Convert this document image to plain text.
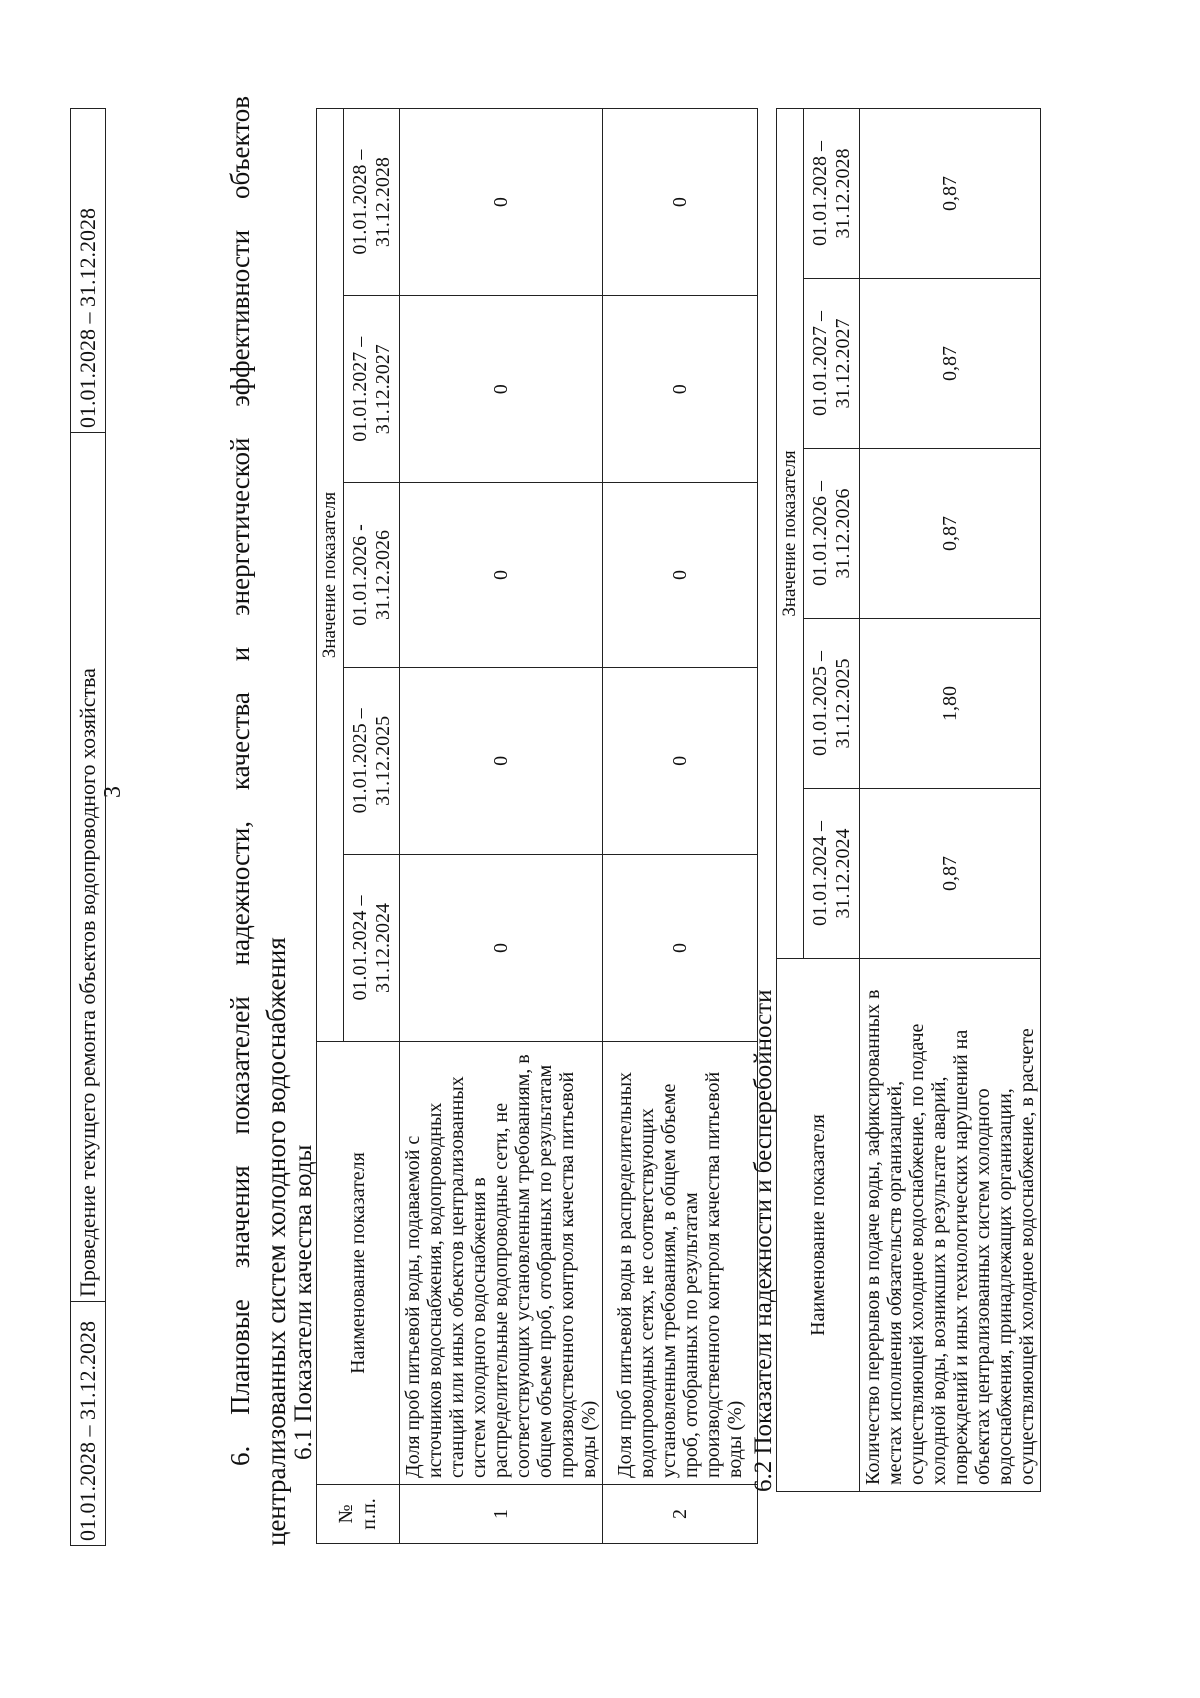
3
01.01.2028 – 31.12.2028	Проведение текущего ремонта объектов водопроводного хозяйства	01.01.2028 – 31.12.2028	6. Плановые значения показателей надежности, качества и энергетической эффективности объектов централизованных систем холодного водоснабжения 6.1 Показатели качества воды
№ п.п.	Наименование показателя	Значение показателя				
		01.01.2024 – 31.12.2024	01.01.2025 – 31.12.2025	01.01.2026 - 31.12.2026	01.01.2027 – 31.12.2027	01.01.2028 – 31.12.2028
1	Доля проб питьевой воды, подаваемой с источников водоснабжения, водопроводных станций или иных объектов централизованных систем холодного водоснабжения в распределительные водопроводные сети, не соответствующих установленным требованиям, в общем объеме проб, отобранных по результатам производственного контроля качества питьевой воды (%)	0	0	0	0	0
2	Доля проб питьевой воды в распределительных водопроводных сетях, не соответствующих установленным требованиям, в общем объеме проб, отобранных по результатам производственного контроля качества питьевой воды (%)	0	0	0	0	0
6.2 Показатели надежности и бесперебойности Наименование показателя	Значение показателя				
	01.01.2024 – 31.12.2024	01.01.2025 – 31.12.2025	01.01.2026 – 31.12.2026	01.01.2027 – 31.12.2027	01.01.2028 – 31.12.2028
Количество перерывов в подаче воды, зафиксированных в местах исполнения обязательств организацией, осуществляющей холодное водоснабжение, по подаче холодной воды, возникших в результате аварий, повреждений и иных технологических нарушений на объектах централизованных систем холодного водоснабжения, принадлежащих организации, осуществляющей холодное водоснабжение, в расчете	0,87	1,80	0,87	0,87	0,87
